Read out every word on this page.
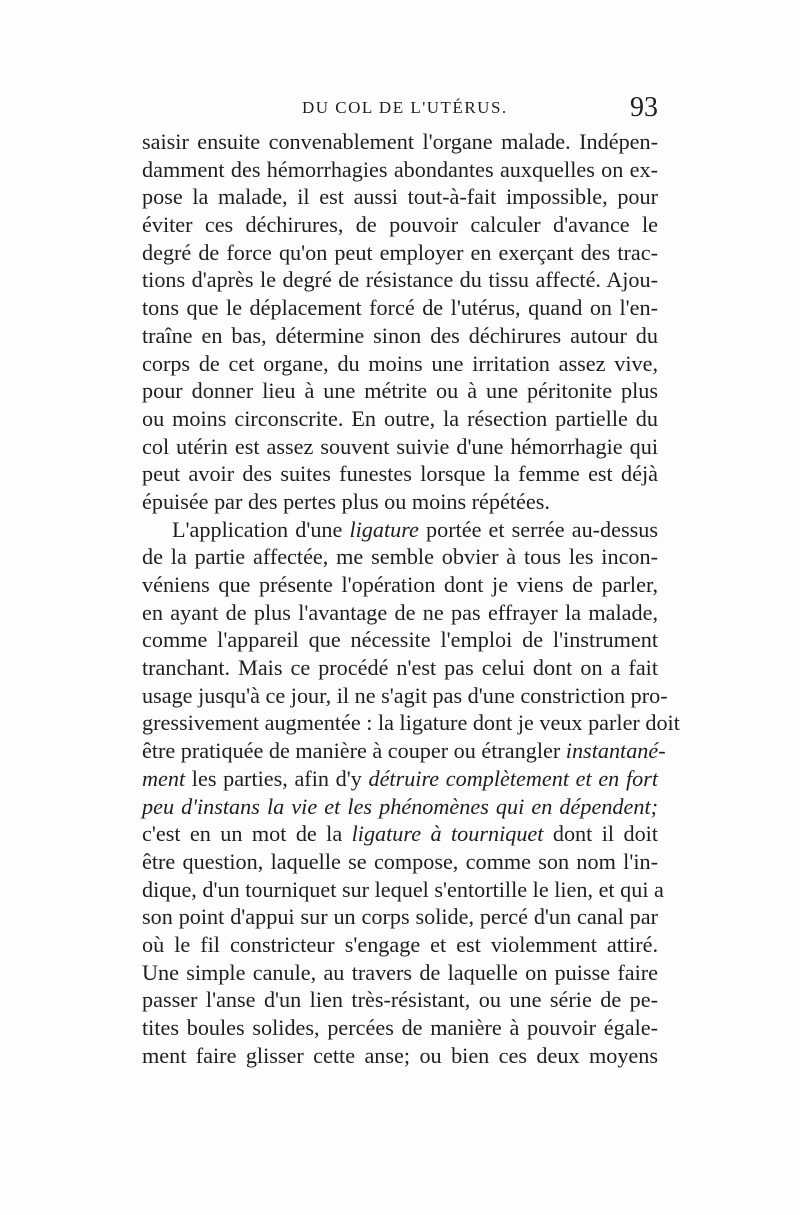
DU COL DE L'UTÉRUS.	93
saisir ensuite convenablement l'organe malade. Indépen-
damment des hémorrhagies abondantes auxquelles on ex-
pose la malade, il est aussi tout-à-fait impossible, pour
éviter ces déchirures, de pouvoir calculer d'avance le
degré de force qu'on peut employer en exerçant des trac-
tions d'après le degré de résistance du tissu affecté. Ajou-
tons que le déplacement forcé de l'utérus, quand on l'en-
traîne en bas, détermine sinon des déchirures autour du
corps de cet organe, du moins une irritation assez vive,
pour donner lieu à une métrite ou à une péritonite plus
ou moins circonscrite. En outre, la résection partielle du
col utérin est assez souvent suivie d'une hémorrhagie qui
peut avoir des suites funestes lorsque la femme est déjà
épuisée par des pertes plus ou moins répétées.
L'application d'une ligature portée et serrée au-dessus
de la partie affectée, me semble obvier à tous les incon-
véniens que présente l'opération dont je viens de parler,
en ayant de plus l'avantage de ne pas effrayer la malade,
comme l'appareil que nécessite l'emploi de l'instrument
tranchant. Mais ce procédé n'est pas celui dont on a fait
usage jusqu'à ce jour, il ne s'agit pas d'une constriction pro-
gressivement augmentée : la ligature dont je veux parler doit
être pratiquée de manière à couper ou étrangler instantané-
ment les parties, afin d'y détruire complètement et en fort
peu d'instans la vie et les phénomènes qui en dépendent;
c'est en un mot de la ligature à tourniquet dont il doit
être question, laquelle se compose, comme son nom l'in-
dique, d'un tourniquet sur lequel s'entortille le lien, et qui a
son point d'appui sur un corps solide, percé d'un canal par
où le fil constricteur s'engage et est violemment attiré.
Une simple canule, au travers de laquelle on puisse faire
passer l'anse d'un lien très-résistant, ou une série de pe-
tites boules solides, percées de manière à pouvoir égale-
ment faire glisser cette anse; ou bien ces deux moyens
